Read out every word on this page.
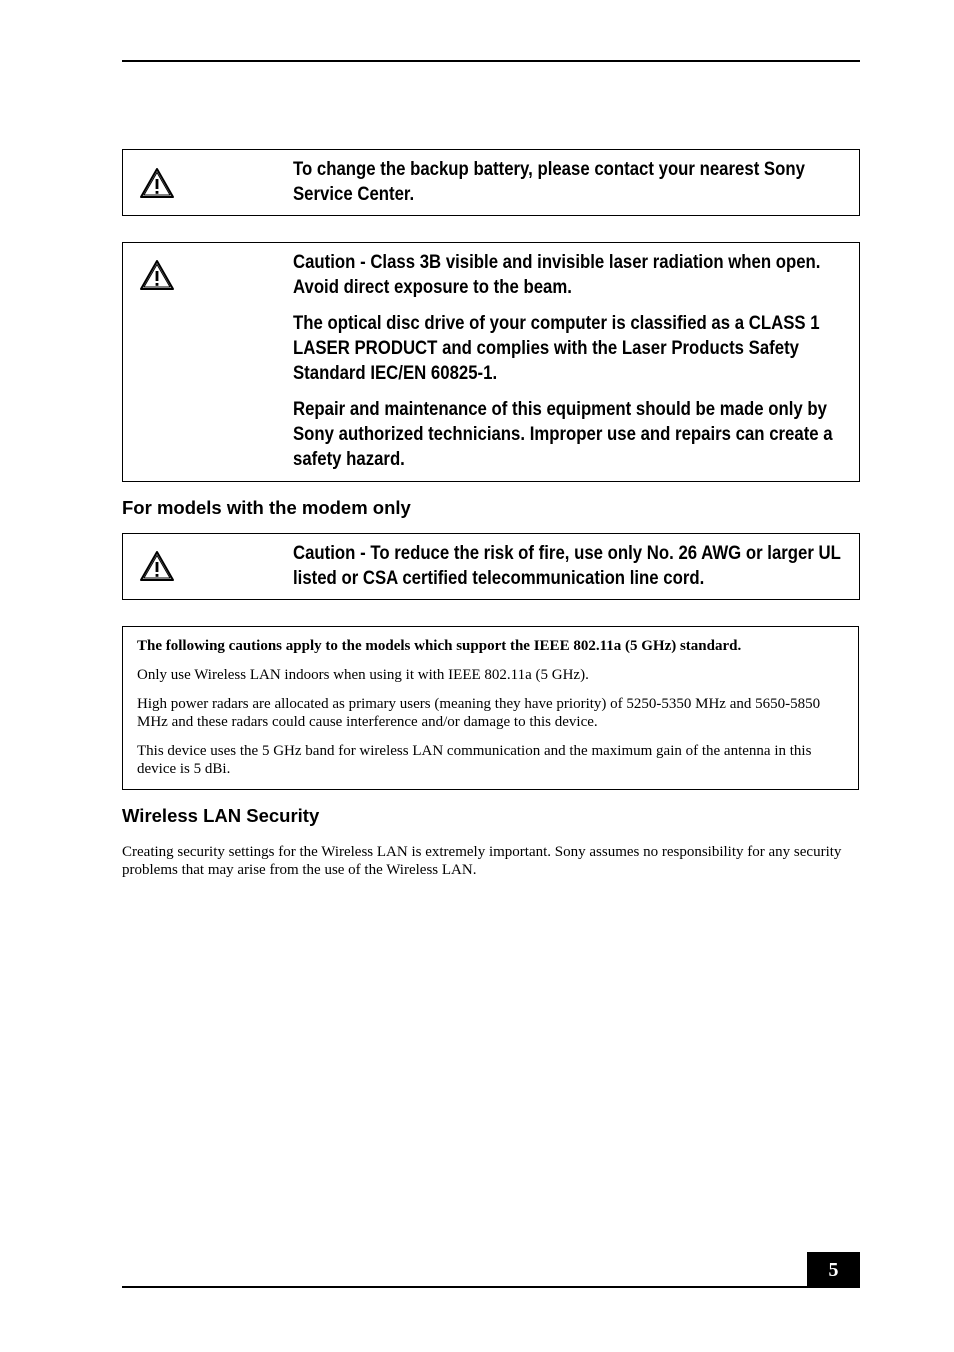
To change the backup battery, please contact your nearest Sony Service Center.

Caution - Class 3B visible and invisible laser radiation when open. Avoid direct exposure to the beam.

The optical disc drive of your computer is classified as a CLASS 1 LASER PRODUCT and complies with the Laser Products Safety Standard IEC/EN 60825-1.

Repair and maintenance of this equipment should be made only by Sony authorized technicians. Improper use and repairs can create a safety hazard.

For models with the modem only

Caution - To reduce the risk of fire, use only No. 26 AWG or larger UL listed or CSA certified telecommunication line cord.

The following cautions apply to the models which support the IEEE 802.11a (5 GHz) standard.

Only use Wireless LAN indoors when using it with IEEE 802.11a (5 GHz).

High power radars are allocated as primary users (meaning they have priority) of 5250-5350 MHz and 5650-5850 MHz and these radars could cause interference and/or damage to this device.

This device uses the 5 GHz band for wireless LAN communication and the maximum gain of the antenna in this device is 5 dBi.

Wireless LAN Security

Creating security settings for the Wireless LAN is extremely important. Sony assumes no responsibility for any security problems that may arise from the use of the Wireless LAN.

5
